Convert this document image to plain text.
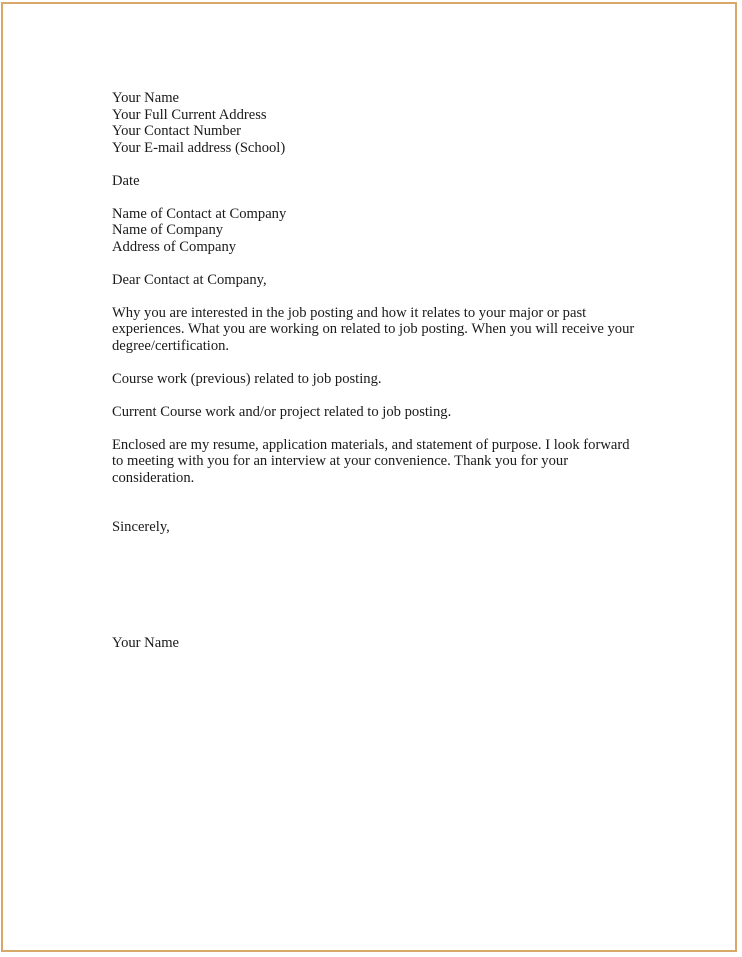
Your Name
Your Full Current Address
Your Contact Number
Your E-mail address (School)
Date
Name of Contact at Company
Name of Company
Address of Company
Dear Contact at Company,
Why you are interested in the job posting and how it relates to your major or past
experiences. What you are working on related to job posting. When you will receive your
degree/certification.
Course work (previous) related to job posting.
Current Course work and/or project related to job posting.
Enclosed are my resume, application materials, and statement of purpose. I look forward
to meeting with you for an interview at your convenience. Thank you for your
consideration.
Sincerely,
Your Name
